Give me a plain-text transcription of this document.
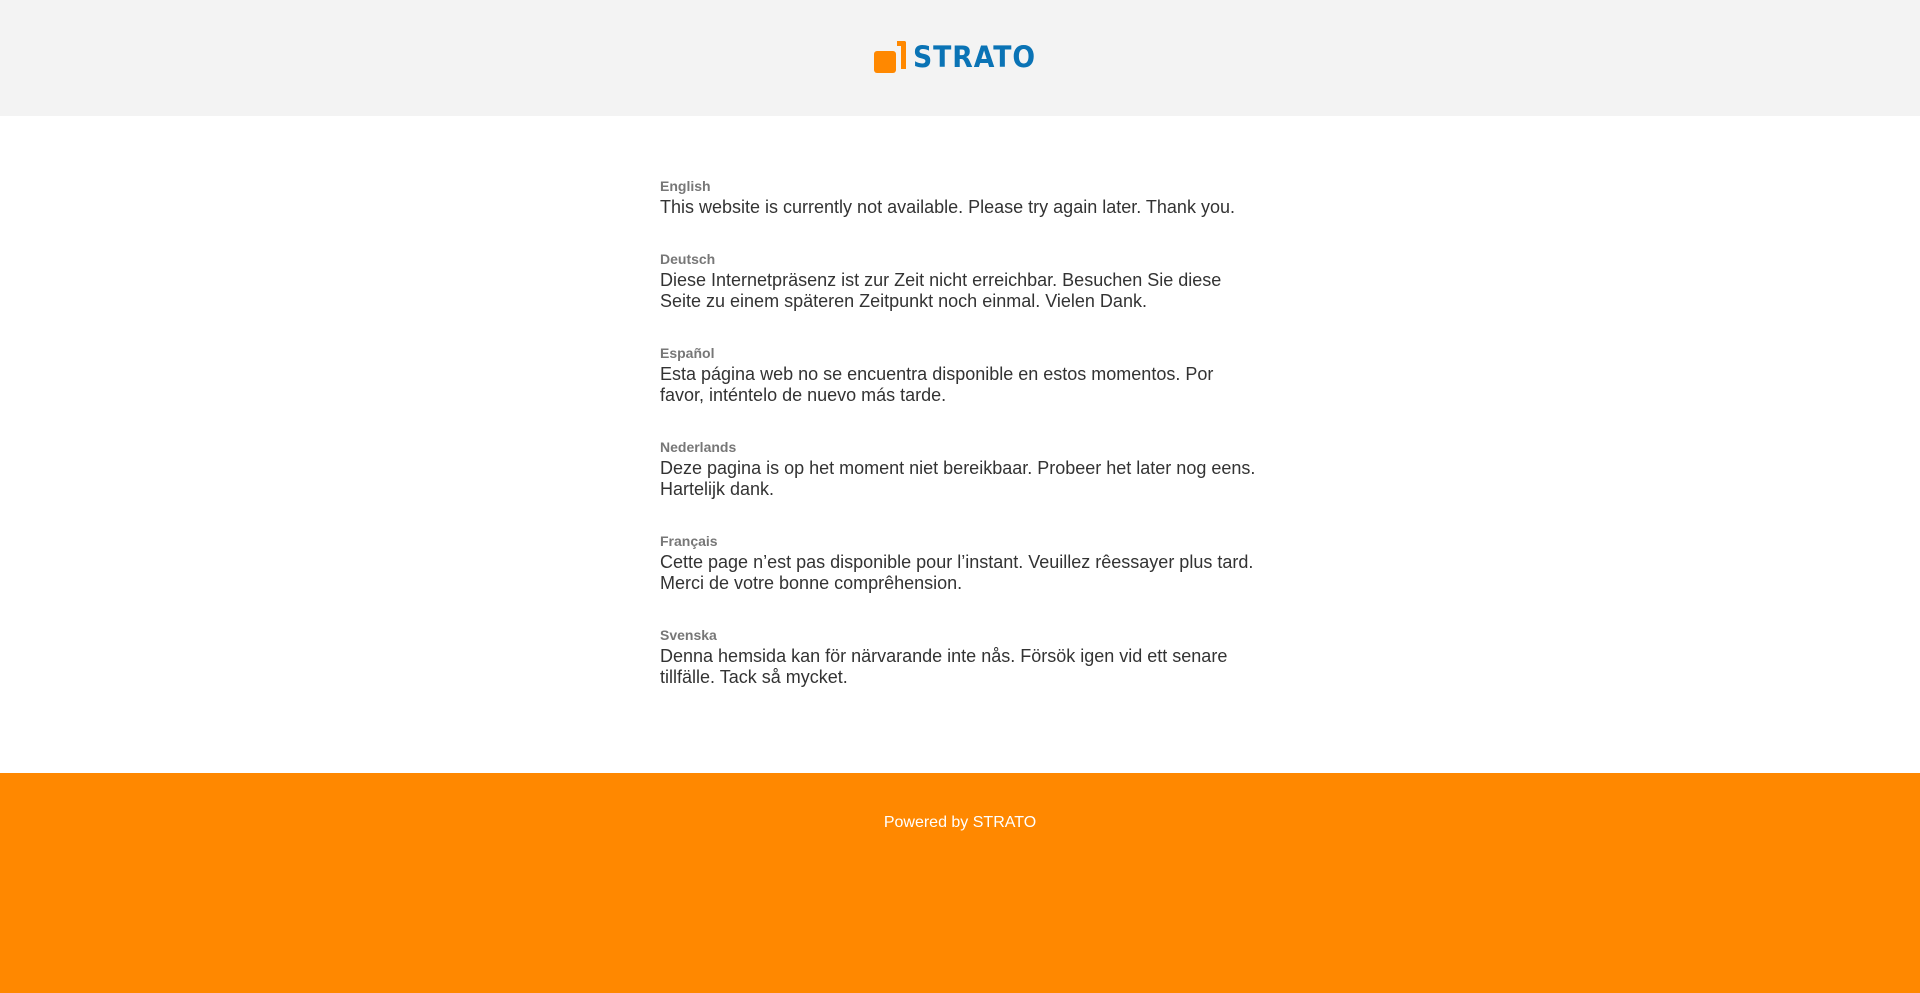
STRATO
English
This website is currently not available. Please try again later. Thank you.
Deutsch
Diese Internetpräsenz ist zur Zeit nicht erreichbar. Besuchen Sie diese Seite zu einem späteren Zeitpunkt noch einmal. Vielen Dank.
Español
Esta página web no se encuentra disponible en estos momentos. Por favor, inténtelo de nuevo más tarde.
Nederlands
Deze pagina is op het moment niet bereikbaar. Probeer het later nog eens. Hartelijk dank.
Français
Cette page n’est pas disponible pour l’instant. Veuillez rêessayer plus tard. Merci de votre bonne comprêhension.
Svenska
Denna hemsida kan för närvarande inte nås. Försök igen vid ett senare tillfälle. Tack så mycket.
Powered by STRATO
